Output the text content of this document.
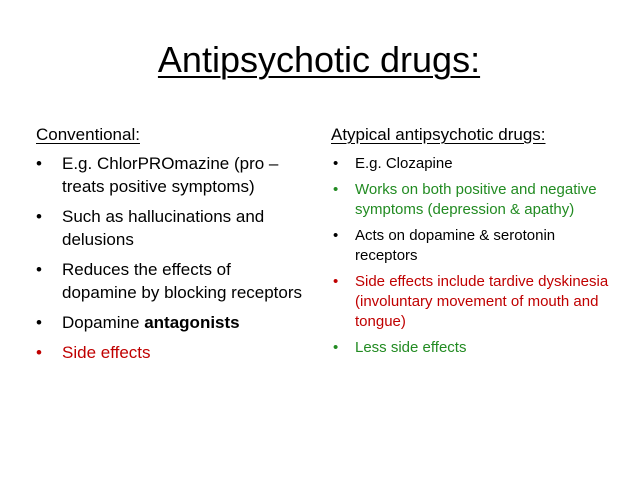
Antipsychotic drugs:
Conventional:
• E.g. ChlorPROmazine (pro – treats positive symptoms)
• Such as hallucinations and delusions
• Reduces the effects of dopamine by blocking receptors
• Dopamine antagonists
• Side effects
Atypical antipsychotic drugs:
• E.g. Clozapine
• Works on both positive and negative symptoms (depression & apathy)
• Acts on dopamine & serotonin receptors
• Side effects include tardive dyskinesia (involuntary movement of mouth and tongue)
• Less side effects
